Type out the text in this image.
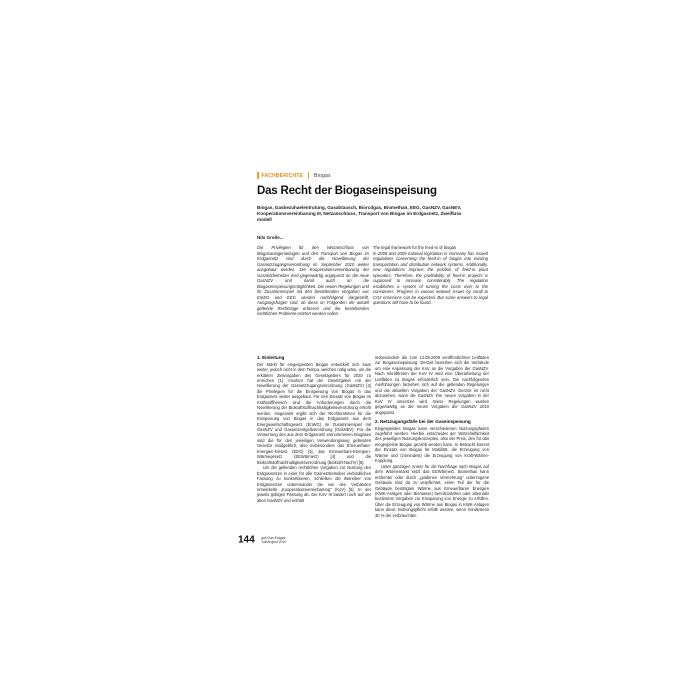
FACHBERICHTE Biogas
Das Recht der Biogaseinspeisung
Biogas, Gasbezuhaelentrutung, Gasabtausch, Biorcdgas, Biomethan, EEG, GasNZV, GasNEV, Kooperationsvereinbarung III, Netzanschluss, Transport von Biogas im Erdgasnetz, Zweifluss modell
Nils Große...
Die Privilegien für den Netzanschluss von Biogasanlagenanlagen und den Transport von Biogas im Erdgasnetz sind durch die Novellierung der Gasnetzzugangsverordnung im September 2010 weiter ausgebaut worden. Die Kooperationsvereinbarung der Gasnetzbetreiber wird gegenwärtig angepasst an die neue GasNZV und damit auch an die Biogaseinspeisungsmöglichkeit. Die neuen Regelungen und ihr Zusammenspiel mit den bestehenden Vorgaben aus EnWG und EEG werden nachfolgend dargestellt. Ausgangsfragen sind, ob diese im Folgenden die aktuell geltende Rechtslage erfassen und die bestehenden rechtlichen Probleme erörtert werden sollen.
The legal framework for the feed-in of biogas
In 2008 and 2009 national legislation in Germany has issued regulations concerning the feed-in of biogas into existing transportation and distribution network systems. Additionally, new regulations improve the position of feed-in plant operators. Therefore, the profitability of feed-in projects is supposed to increase considerably. The regulation establishes a system of turning the costs over to the consumers. Progress in various network issues by small to CO2 emissions can be expected. But some answers to legal questions still have to be found.
1. Einleitung

Der Markt für eingespeisten Biogas entwickelt sich zwar weiter, jedoch nicht in dem Tempo, welches nötig wäre, um die erklärten Zielvorgaben des Gesetzgebers für 2020 zu erreichen [1]. Insofern hat der Gesetzgeber mit der Novellierung der Gasnetzzugangsverordnung (GasNZV) [2] die Privilegien für die Einspeisung von Biogas in das Erdgasnetz weiter ausgebaut. Für den Einsatz von Biogas im Kraftstoffbereich sind die Anforderungen durch die Novellierung der Biokraftstoffnachhaltigkeitsverordnung erhöht worden. Insgesamt ergibt sich der Rechtsrahmen für die Einspeisung von Biogas in das Erdgasnetz aus dem Energiewirtschaftsgesetz (EnWG) im Zusammenspiel mit GasNZV und Gasnetzentgeltverordnung (GasNEV). Für die Verwertung des aus dem Erdgasnetz entnommenen Biogases sind die für den jeweiligen Verwendungsweg geltenden Gesetze maßgeblich, also insbesondere das Erneuerbare-Energien-Gesetz (EEG) [3], das Erneuerbare-Energien-Wärmegesetz (EEWärmeG) [4] und die Biokraftstoffnachhaltigkeitsverordnung (Biokraft-NachV) [5].

Um die geltenden rechtlichen Vorgaben zur Nutzung des Erdgasnetzes in einer für alle Gasnetzbetreiber verbindlichen Fassung zu konkretisieren, schließen die Betreiber von Erdgasnetzen untereinander die von den Verbänden entwickelte „Kooperationsvereinbarung“ (KoV) [6]. In der jeweils gültigen Fassung ab. Die KoV III basiert noch auf der alten GasNZV und enthält

insbesondere die zum 14.08.2009 veröffentlichten Leitfäden zur Biogaseinspeisung. Derzeit bemühen sich die Verbände um eine Anpassung der KoV an die Vorgaben der GasNZV. Nach Inkrafttreten der KoV IV wird eine Überarbeitung der Leitfäden zu Biogas erforderlich sein. Die nachfolgenden Ausführungen beziehen sich auf die geltenden Regelungen und die aktuellen Vorgaben der GasNZV. Derzeit ist nicht abzusehen, wann die GasNZV ihre neuen Vorgaben in der KoV IV umsetzen wird. Diese Regelungen wurden gegenwärtig an die neuen Vorgaben der GasNZV 2010 angepasst.

2. Netzzugangsfälle bei der Gaseinspeisung

Eingespeistes Biogas kann verschiedenen Nutzungspfaden zugeführt werden. Hierbei entscheidet der Wirtschaftlichkeit des jeweiligen Nutzungskonzeptes, also der Preis, den für das eingespeiste Biogas gezahlt werden kann. In Betracht kommt der Einsatz von Biogas für Mobilität, die Erzeugung von Wärme und (zumindest) die Erzeugung von Kraft-Wärme-Kopplung.

Unter günstigen Anreiz für die Nachfrage nach Biogas auf dem Wärmemarkt setzt das EEWärmeG. Biomethan kann entfernter oder durch „goldenen Vermehrung“ unterzogene Gebäude sind da zu verpflichtet, einen Teil der für die Gebäude benötigten Wärme aus Erneuerbaren Energien (KWK-Anlagen oder Biomasse) bereitzustellen oder alternativ bestimmte Vorgaben zur Einsparung von Energie zu erfüllen. Über die Erzeugung von Wärme aus Biogas in KWK-Anlagen kann diese Nutzungspflicht erfüllt werden, wenn mindestens 30 % der verbrauchten

144 gwf-Gas Erdgas
Juli/August 2010
